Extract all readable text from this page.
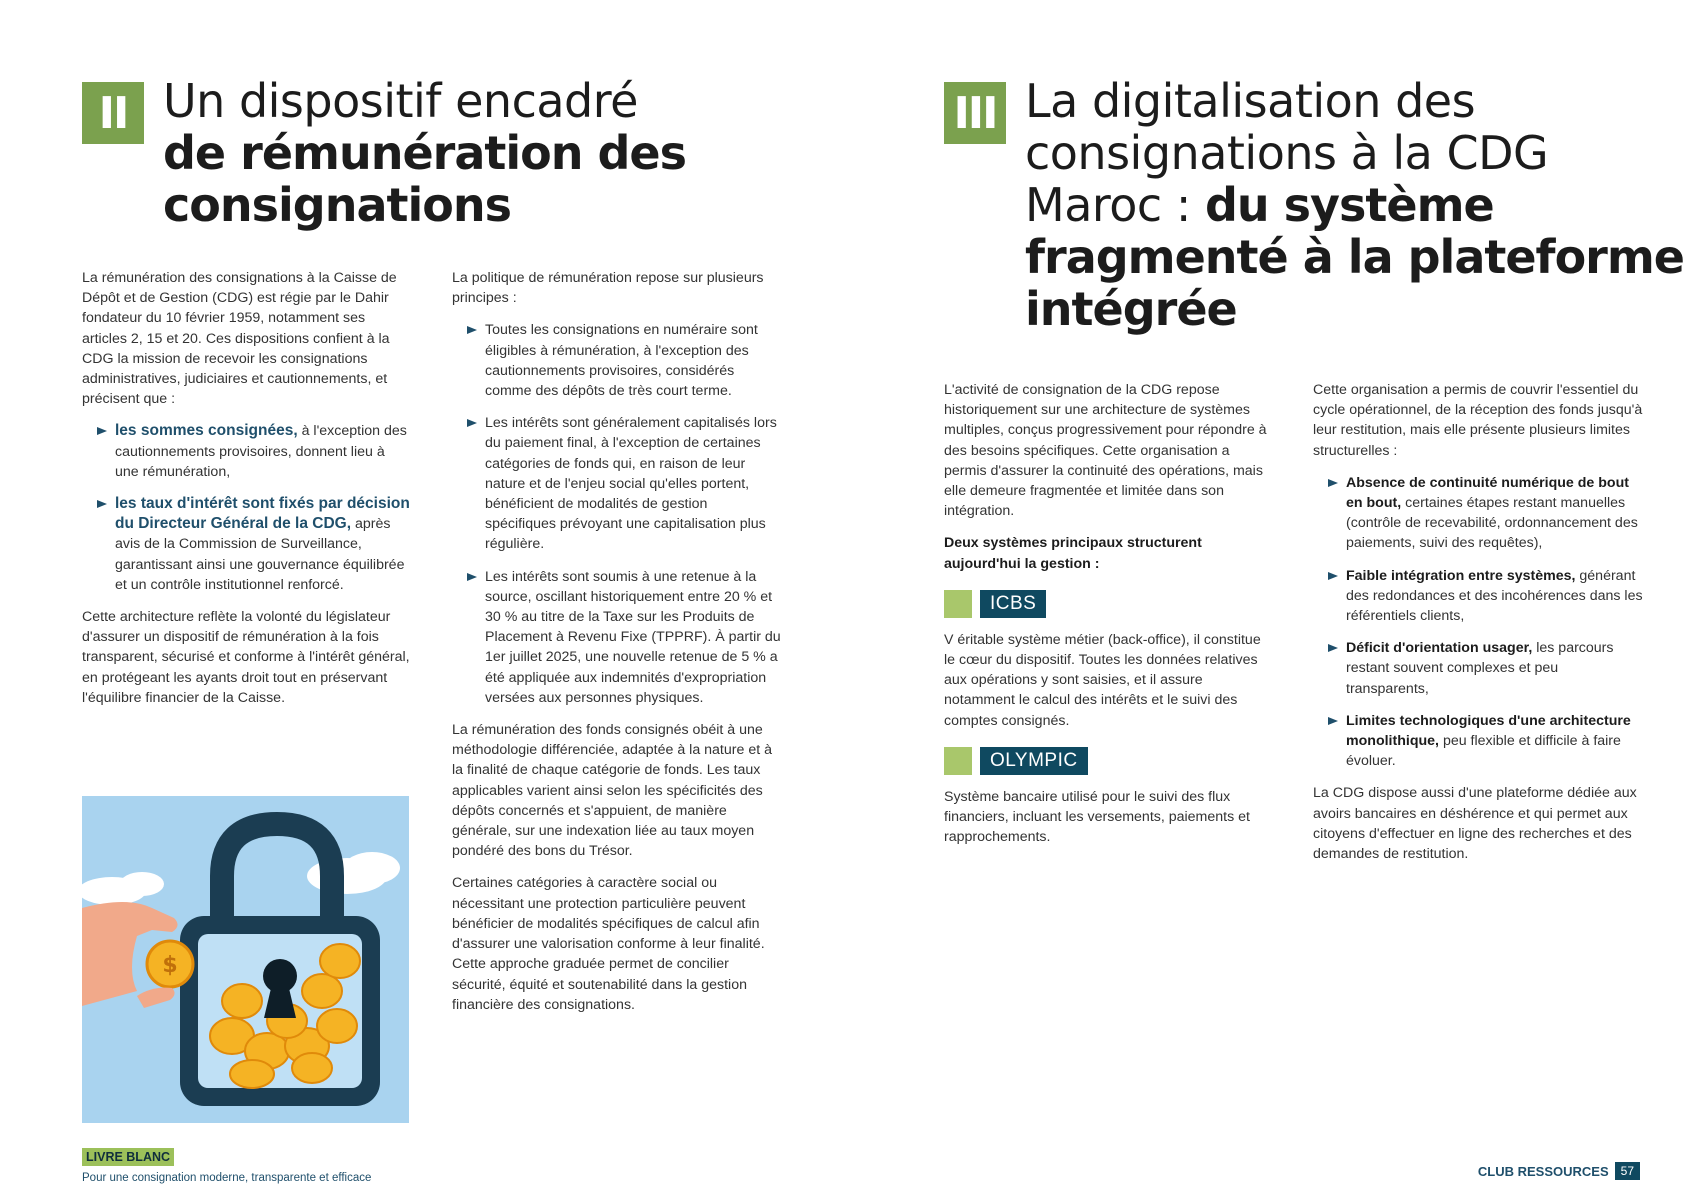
II Un dispositif encadré
de rémunération des
consignations

La rémunération des consignations à la Caisse de Dépôt et de Gestion (CDG) est régie par le Dahir fondateur du 10 février 1959, notamment ses articles 2, 15 et 20. Ces dispositions confient à la CDG la mission de recevoir les consignations administratives, judiciaires et cautionnements, et précisent que :

les sommes consignées, à l'exception des cautionnements provisoires, donnent lieu à une rémunération,
les taux d'intérêt sont fixés par décision du Directeur Général de la CDG, après avis de la Commission de Surveillance, garantissant ainsi une gouvernance équilibrée et un contrôle institutionnel renforcé.

Cette architecture reflète la volonté du législateur d'assurer un dispositif de rémunération à la fois transparent, sécurisé et conforme à l'intérêt général, en protégeant les ayants droit tout en préservant l'équilibre financier de la Caisse.

$

La politique de rémunération repose sur plusieurs principes :

Toutes les consignations en numéraire sont éligibles à rémunération, à l'exception des cautionnements provisoires, considérés comme des dépôts de très court terme.
Les intérêts sont généralement capitalisés lors du paiement final, à l'exception de certaines catégories de fonds qui, en raison de leur nature et de l'enjeu social qu'elles portent, bénéficient de modalités de gestion spécifiques prévoyant une capitalisation plus régulière.
Les intérêts sont soumis à une retenue à la source, oscillant historiquement entre 20 % et 30 % au titre de la Taxe sur les Produits de Placement à Revenu Fixe (TPPRF). À partir du 1er juillet 2025, une nouvelle retenue de 5 % a été appliquée aux indemnités d'expropriation versées aux personnes physiques.

La rémunération des fonds consignés obéit à une méthodologie différenciée, adaptée à la nature et à la finalité de chaque catégorie de fonds. Les taux applicables varient ainsi selon les spécificités des dépôts concernés et s'appuient, de manière générale, sur une indexation liée au taux moyen pondéré des bons du Trésor.

Certaines catégories à caractère social ou nécessitant une protection particulière peuvent bénéficier de modalités spécifiques de calcul afin d'assurer une valorisation conforme à leur finalité. Cette approche graduée permet de concilier sécurité, équité et soutenabilité dans la gestion financière des consignations.

III La digitalisation des
consignations à la CDG
Maroc : du système
fragmenté à la plateforme
intégrée

L'activité de consignation de la CDG repose historiquement sur une architecture de systèmes multiples, conçus progressivement pour répondre à des besoins spécifiques. Cette organisation a permis d'assurer la continuité des opérations, mais elle demeure fragmentée et limitée dans son intégration.

Deux systèmes principaux structurent aujourd'hui la gestion :

ICBS

V éritable système métier (back-office), il constitue le cœur du dispositif. Toutes les données relatives aux opérations y sont saisies, et il assure notamment le calcul des intérêts et le suivi des comptes consignés.

OLYMPIC

Système bancaire utilisé pour le suivi des flux financiers, incluant les versements, paiements et rapprochements.

Cette organisation a permis de couvrir l'essentiel du cycle opérationnel, de la réception des fonds jusqu'à leur restitution, mais elle présente plusieurs limites structurelles :

Absence de continuité numérique de bout en bout, certaines étapes restant manuelles (contrôle de recevabilité, ordonnancement des paiements, suivi des requêtes),
Faible intégration entre systèmes, générant des redondances et des incohérences dans les référentiels clients,
Déficit d'orientation usager, les parcours restant souvent complexes et peu transparents,
Limites technologiques d'une architecture monolithique, peu flexible et difficile à faire évoluer.

La CDG dispose aussi d'une plateforme dédiée aux avoirs bancaires en déshérence et qui permet aux citoyens d'effectuer en ligne des recherches et des demandes de restitution.

LIVRE BLANC
Pour une consignation moderne, transparente et efficace	CLUB RESSOURCES	57
